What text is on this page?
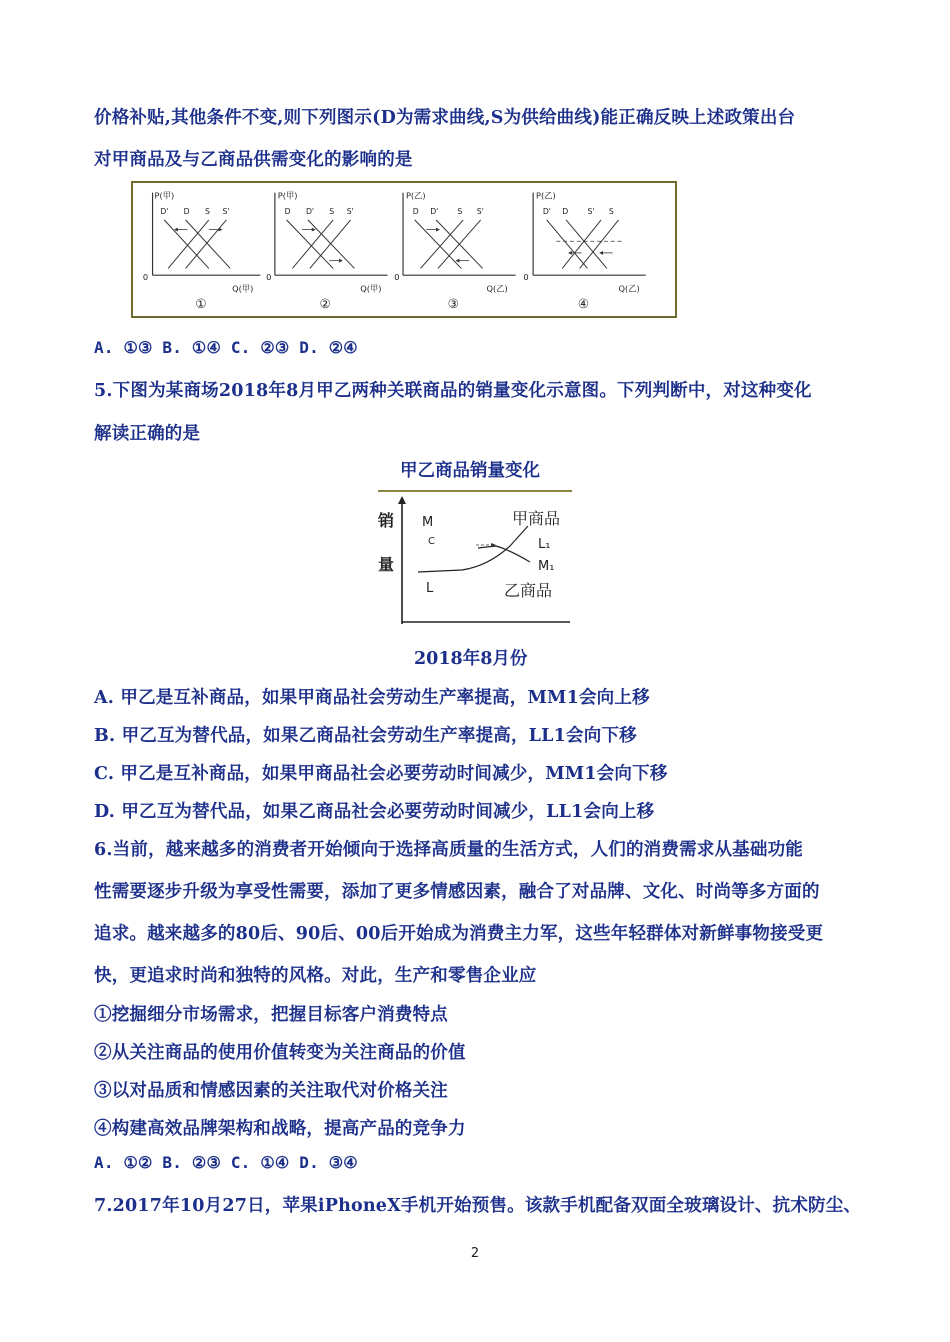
价格补贴,其他条件不变,则下列图示(D为需求曲线,S为供给曲线)能正确反映上述政策出台
对甲商品及与乙商品供需变化的影响的是
P(甲)
0
Q(甲)
D' D S S'
①
P(甲)
0
Q(甲)
D D' S S'
②
P(乙)
0
Q(乙)
D D' S S'
③
P(乙)
0
Q(乙)
D' D S' S
④
A. ①③ B. ①④ C. ②③ D. ②④
5.下图为某商场2018年8月甲乙两种关联商品的销量变化示意图。下列判断中，对这种变化
解读正确的是
甲乙商品销量变化
销
量
M
C
L
甲商品
L₁
M₁
乙商品
2018年8月份
A. 甲乙是互补商品，如果甲商品社会劳动生产率提高，MM1会向上移
B. 甲乙互为替代品，如果乙商品社会劳动生产率提高，LL1会向下移
C. 甲乙是互补商品，如果甲商品社会必要劳动时间减少，MM1会向下移
D. 甲乙互为替代品，如果乙商品社会必要劳动时间减少，LL1会向上移
6.当前，越来越多的消费者开始倾向于选择高质量的生活方式，人们的消费需求从基础功能
性需要逐步升级为享受性需要，添加了更多情感因素，融合了对品牌、文化、时尚等多方面的
追求。越来越多的80后、90后、00后开始成为消费主力军，这些年轻群体对新鲜事物接受更
快，更追求时尚和独特的风格。对此，生产和零售企业应
①挖掘细分市场需求，把握目标客户消费特点
②从关注商品的使用价值转变为关注商品的价值
③以对品质和情感因素的关注取代对价格关注
④构建高效品牌架构和战略，提高产品的竞争力
A. ①② B. ②③ C. ①④ D. ③④
7.2017年10月27日，苹果iPhoneX手机开始预售。该款手机配备双面全玻璃设计、抗术防尘、
2
